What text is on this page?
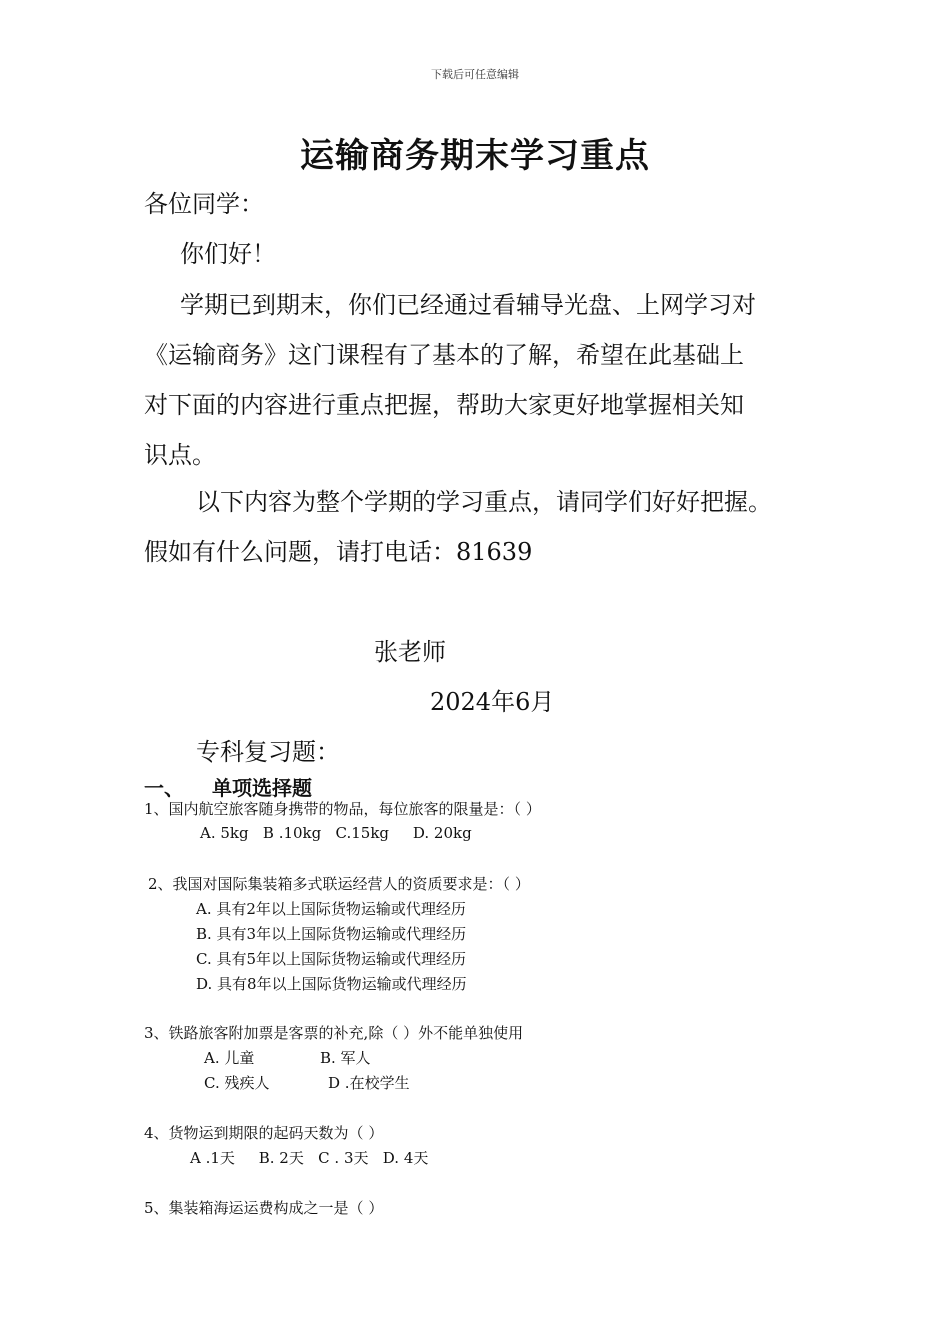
下载后可任意编辑
运输商务期末学习重点
各位同学：
你们好！
学期已到期末，你们已经通过看辅导光盘、上网学习对
《运输商务》这门课程有了基本的了解，希望在此基础上
对下面的内容进行重点把握，帮助大家更好地掌握相关知
识点。
以下内容为整个学期的学习重点，请同学们好好把握。
假如有什么问题，请打电话：81639
张老师
2024年6月
专科复习题：
一、 单项选择题
1、国内航空旅客随身携带的物品，每位旅客的限量是：（ ）
A. 5kg   B .10kg   C.15kg     D. 20kg
2、我国对国际集装箱多式联运经营人的资质要求是：（ ）
A. 具有2年以上国际货物运输或代理经历
B. 具有3年以上国际货物运输或代理经历
C. 具有5年以上国际货物运输或代理经历
D. 具有8年以上国际货物运输或代理经历
3、铁路旅客附加票是客票的补充,除（ ）外不能单独使用
A. 儿童	B. 军人
C. 残疾人	D .在校学生
4、货物运到期限的起码天数为（ ）
A .1天     B. 2天   C . 3天   D. 4天
5、集装箱海运运费构成之一是（ ）
